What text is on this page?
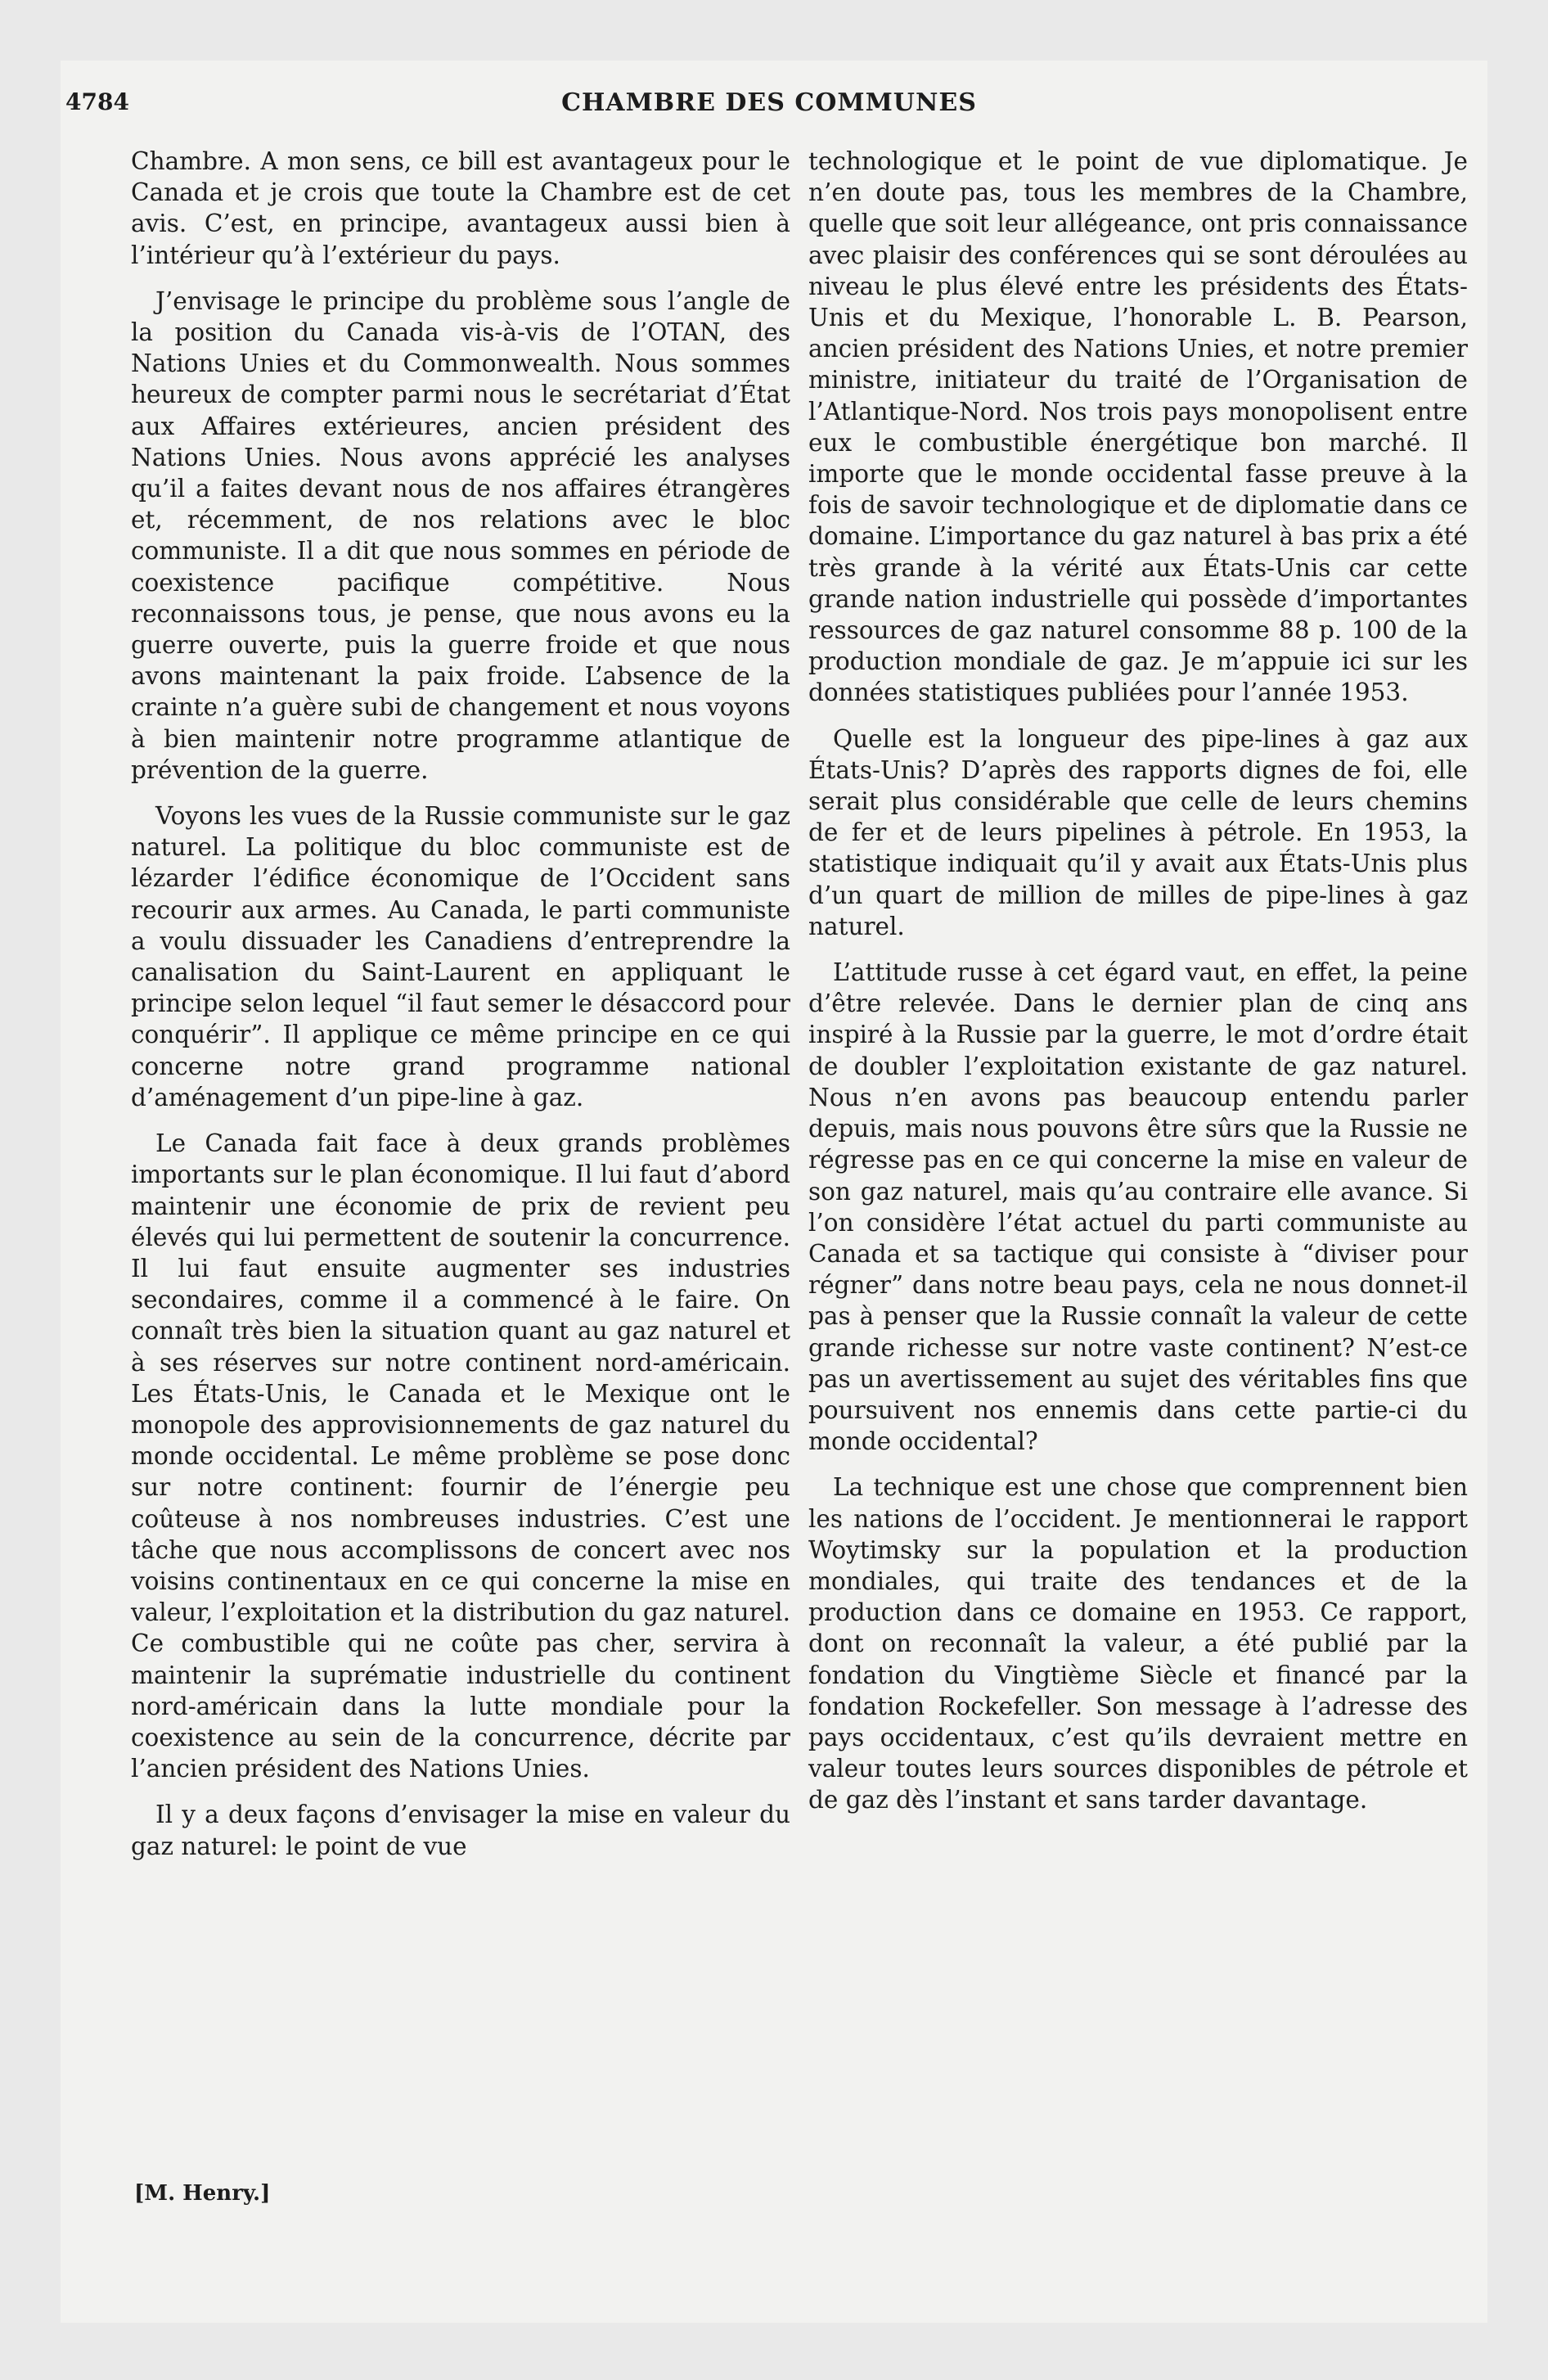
4784	CHAMBRE DES COMMUNES

Chambre. A mon sens, ce bill est avantageux pour le Canada et je crois que toute la Chambre est de cet avis. C’est, en principe, avantageux aussi bien à l’intérieur qu’à l’extérieur du pays.

J’envisage le principe du problème sous l’angle de la position du Canada vis-à-vis de l’OTAN, des Nations Unies et du Commonwealth. Nous sommes heureux de compter parmi nous le secrétariat d’État aux Affaires extérieures, ancien président des Nations Unies. Nous avons apprécié les analyses qu’il a faites devant nous de nos affaires étrangères et, récemment, de nos relations avec le bloc communiste. Il a dit que nous sommes en période de coexistence pacifique compétitive. Nous reconnaissons tous, je pense, que nous avons eu la guerre ouverte, puis la guerre froide et que nous avons maintenant la paix froide. L’absence de la crainte n’a guère subi de changement et nous voyons à bien maintenir notre programme atlantique de prévention de la guerre.

Voyons les vues de la Russie communiste sur le gaz naturel. La politique du bloc communiste est de lézarder l’édifice économique de l’Occident sans recourir aux armes. Au Canada, le parti communiste a voulu dissuader les Canadiens d’entreprendre la canalisation du Saint-Laurent en appliquant le principe selon lequel “il faut semer le désaccord pour conquérir”. Il applique ce même principe en ce qui concerne notre grand programme national d’aménagement d’un pipe-line à gaz.

Le Canada fait face à deux grands problèmes importants sur le plan économique. Il lui faut d’abord maintenir une économie de prix de revient peu élevés qui lui permettent de soutenir la concurrence. Il lui faut ensuite augmenter ses industries secondaires, comme il a commencé à le faire. On connaît très bien la situation quant au gaz naturel et à ses réserves sur notre continent nord-américain. Les États-Unis, le Canada et le Mexique ont le monopole des approvisionnements de gaz naturel du monde occidental. Le même problème se pose donc sur notre continent: fournir de l’énergie peu coûteuse à nos nombreuses industries. C’est une tâche que nous accomplissons de concert avec nos voisins continentaux en ce qui concerne la mise en valeur, l’exploitation et la distribution du gaz naturel. Ce combustible qui ne coûte pas cher, servira à maintenir la suprématie industrielle du continent nord-américain dans la lutte mondiale pour la coexistence au sein de la concurrence, décrite par l’ancien président des Nations Unies.

Il y a deux façons d’envisager la mise en valeur du gaz naturel: le point de vue

technologique et le point de vue diplomatique. Je n’en doute pas, tous les membres de la Chambre, quelle que soit leur allégeance, ont pris connaissance avec plaisir des conférences qui se sont déroulées au niveau le plus élevé entre les présidents des États-Unis et du Mexique, l’honorable L. B. Pearson, ancien président des Nations Unies, et notre premier ministre, initiateur du traité de l’Organisation de l’Atlantique-Nord. Nos trois pays monopolisent entre eux le combustible énergétique bon marché. Il importe que le monde occidental fasse preuve à la fois de savoir technologique et de diplomatie dans ce domaine. L’importance du gaz naturel à bas prix a été très grande à la vérité aux États-Unis car cette grande nation industrielle qui possède d’importantes ressources de gaz naturel consomme 88 p. 100 de la production mondiale de gaz. Je m’appuie ici sur les données statistiques publiées pour l’année 1953.

Quelle est la longueur des pipe-lines à gaz aux États-Unis? D’après des rapports dignes de foi, elle serait plus considérable que celle de leurs chemins de fer et de leurs pipelines à pétrole. En 1953, la statistique indiquait qu’il y avait aux États-Unis plus d’un quart de million de milles de pipe-lines à gaz naturel.

L’attitude russe à cet égard vaut, en effet, la peine d’être relevée. Dans le dernier plan de cinq ans inspiré à la Russie par la guerre, le mot d’ordre était de doubler l’exploitation existante de gaz naturel. Nous n’en avons pas beaucoup entendu parler depuis, mais nous pouvons être sûrs que la Russie ne régresse pas en ce qui concerne la mise en valeur de son gaz naturel, mais qu’au contraire elle avance. Si l’on considère l’état actuel du parti communiste au Canada et sa tactique qui consiste à “diviser pour régner” dans notre beau pays, cela ne nous donnet-il pas à penser que la Russie connaît la valeur de cette grande richesse sur notre vaste continent? N’est-ce pas un avertissement au sujet des véritables fins que poursuivent nos ennemis dans cette partie-ci du monde occidental?

La technique est une chose que comprennent bien les nations de l’occident. Je mentionnerai le rapport Woytimsky sur la population et la production mondiales, qui traite des tendances et de la production dans ce domaine en 1953. Ce rapport, dont on reconnaît la valeur, a été publié par la fondation du Vingtième Siècle et financé par la fondation Rockefeller. Son message à l’adresse des pays occidentaux, c’est qu’ils devraient mettre en valeur toutes leurs sources disponibles de pétrole et de gaz dès l’instant et sans tarder davantage.

[M. Henry.]
